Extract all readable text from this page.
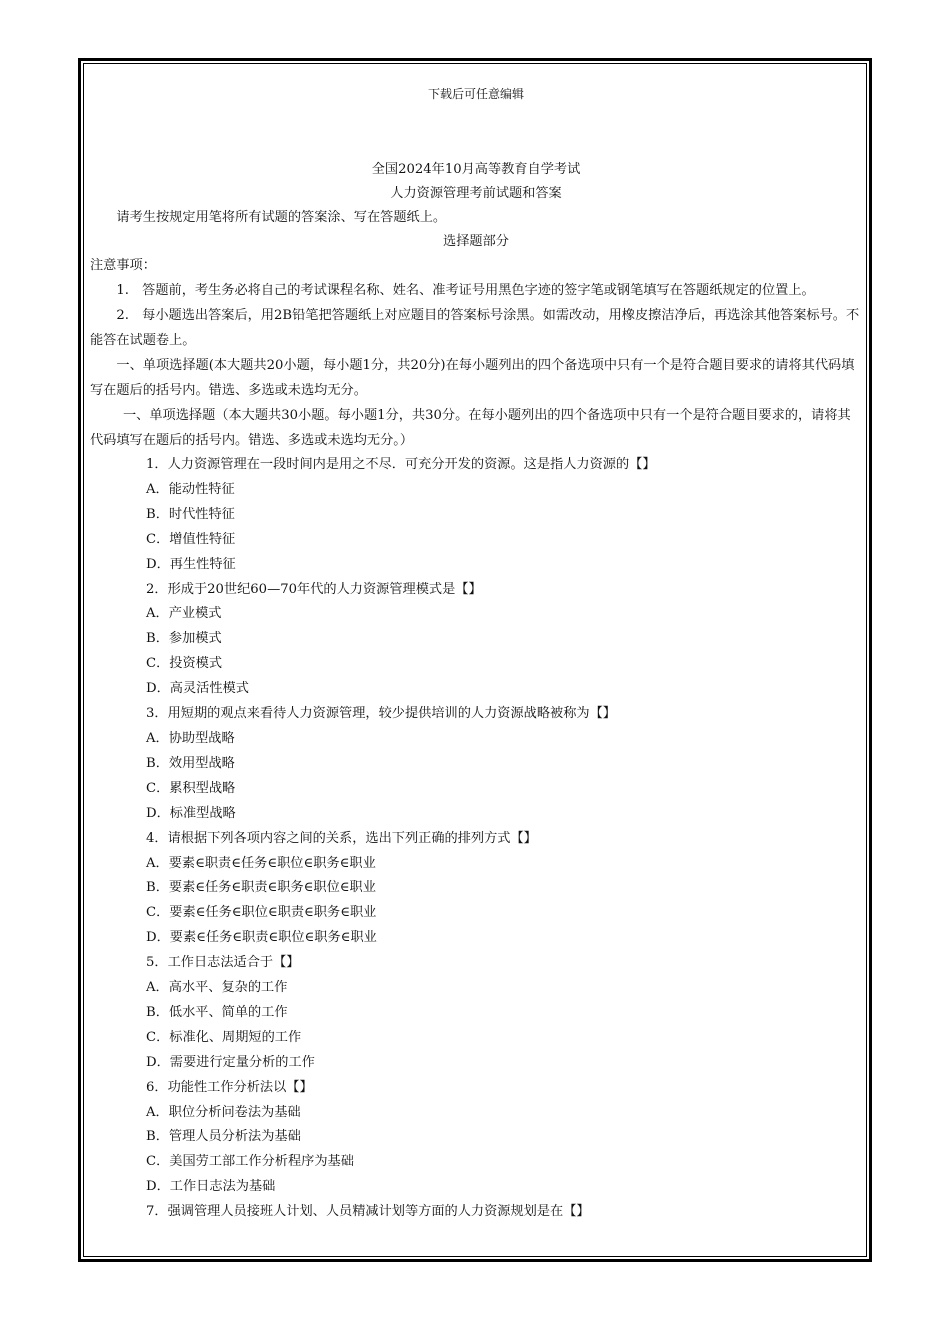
下载后可任意编辑
全国2024年10月高等教育自学考试
人力资源管理考前试题和答案
请考生按规定用笔将所有试题的答案涂、写在答题纸上。
选择题部分
注意事项：
1.　答题前，考生务必将自己的考试课程名称、姓名、准考证号用黑色字迹的签字笔或钢笔填写在答题纸规定的位置上。
2.　每小题选出答案后，用2B铅笔把答题纸上对应题目的答案标号涂黑。如需改动，用橡皮擦洁净后，再选涂其他答案标号。不能答在试题卷上。
一、单项选择题(本大题共20小题，每小题1分，共20分)在每小题列出的四个备选项中只有一个是符合题目要求的请将其代码填写在题后的括号内。错选、多选或未选均无分。
一、单项选择题（本大题共30小题。每小题1分，共30分。在每小题列出的四个备选项中只有一个是符合题目要求的，请将其代码填写在题后的括号内。错选、多选或未选均无分。）
1．人力资源管理在一段时间内是用之不尽．可充分开发的资源。这是指人力资源的【】
A．能动性特征
B．时代性特征
C．增值性特征
D．再生性特征
2．形成于20世纪60—70年代的人力资源管理模式是【】
A．产业模式
B．参加模式
C．投资模式
D．高灵活性模式
3．用短期的观点来看待人力资源管理，较少提供培训的人力资源战略被称为【】
A．协助型战略
B．效用型战略
C．累积型战略
D．标准型战略
4．请根据下列各项内容之间的关系，选出下列正确的排列方式【】
A．要素∈职责∈任务∈职位∈职务∈职业
B．要素∈任务∈职责∈职务∈职位∈职业
C．要素∈任务∈职位∈职责∈职务∈职业
D．要素∈任务∈职责∈职位∈职务∈职业
5．工作日志法适合于【】
A．高水平、复杂的工作
B．低水平、简单的工作
C．标准化、周期短的工作
D．需要进行定量分析的工作
6．功能性工作分析法以【】
A．职位分析问卷法为基础
B．管理人员分析法为基础
C．美国劳工部工作分析程序为基础
D．工作日志法为基础
7．强调管理人员接班人计划、人员精减计划等方面的人力资源规划是在【】
